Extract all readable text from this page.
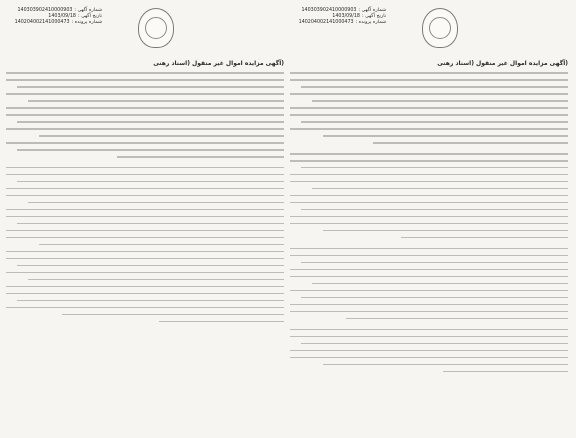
شماره آگهی :
140303902410000903
تاریخ آگهی :
1403/09/18
شماره پرونده :
140204002141000473
(آگهی مزایده اموال غیر منقول (اسناد رهنی
شماره آگهی :
140303902410000903
تاریخ آگهی :
1403/09/18
شماره پرونده :
140204002141000473
(آگهی مزایده اموال غیر منقول (اسناد رهنی
